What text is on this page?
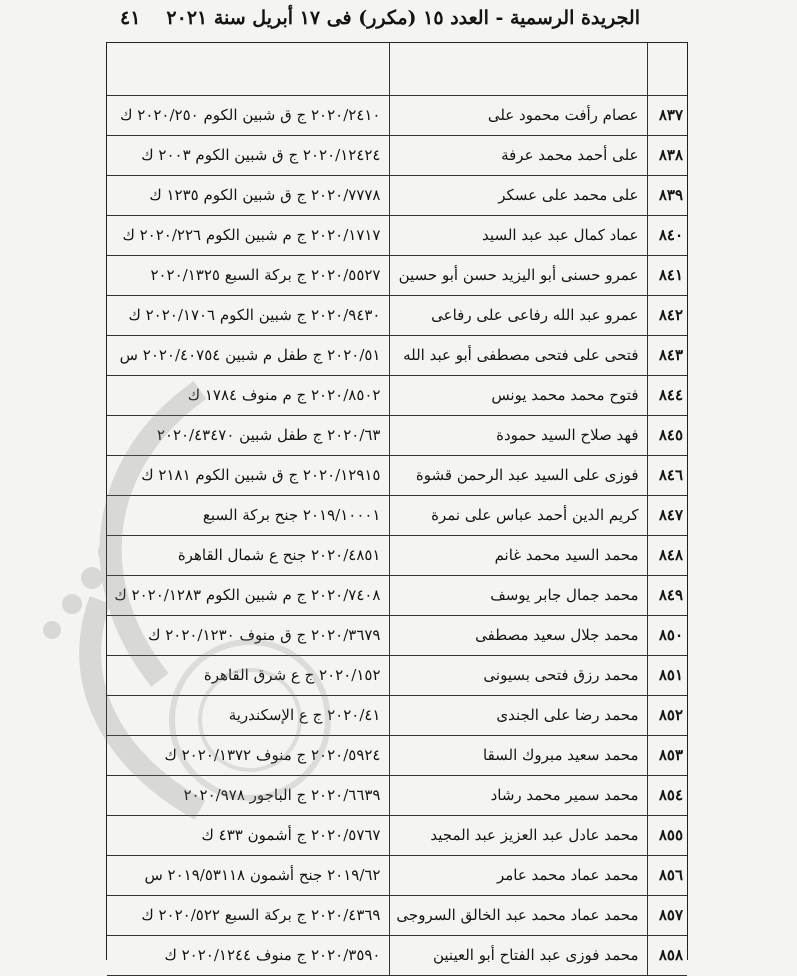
الجريدة الرسمية - العدد ١٥ (مكرر) فى ١٧ أبريل سنة ٢٠٢١
٤١

٨٣٧	عصام رأفت محمود على	٢٠٢٠/٢٤١٠ ج ق شبين الكوم ٢٠٢٠/٢٥٠ ك
٨٣٨	على أحمد محمد عرفة	٢٠٢٠/١٢٤٢٤ ج ق شبين الكوم ٢٠٠٣ ك
٨٣٩	على محمد على عسكر	٢٠٢٠/٧٧٧٨ ج ق شبين الكوم ١٢٣٥ ك
٨٤٠	عماد كمال عبد عبد السيد	٢٠٢٠/١٧١٧ ج م شبين الكوم ٢٠٢٠/٢٢٦ ك
٨٤١	عمرو حسنى أبو اليزيد حسن أبو حسين	٢٠٢٠/٥٥٢٧ ج بركة السبع ٢٠٢٠/١٣٢٥
٨٤٢	عمرو عبد الله رفاعى على رفاعى	٢٠٢٠/٩٤٣٠ ج شبين الكوم ٢٠٢٠/١٧٠٦ ك
٨٤٣	فتحى على فتحى مصطفى أبو عبد الله	٢٠٢٠/٥١ ج طفل م شبين ٢٠٢٠/٤٠٧٥٤ س
٨٤٤	فتوح محمد محمد يونس	٢٠٢٠/٨٥٠٢ ج م منوف ١٧٨٤ ك
٨٤٥	فهد صلاح السيد حمودة	٢٠٢٠/٦٣ ج طفل شبين ٢٠٢٠/٤٣٤٧٠
٨٤٦	فوزى على السيد عبد الرحمن قشوة	٢٠٢٠/١٢٩١٥ ج ق شبين الكوم ٢١٨١ ك
٨٤٧	كريم الدين أحمد عباس على نمرة	٢٠١٩/١٠٠٠١ جنح بركة السبع
٨٤٨	محمد السيد محمد غانم	٢٠٢٠/٤٨٥١ جنح ع شمال القاهرة
٨٤٩	محمد جمال جابر يوسف	٢٠٢٠/٧٤٠٨ ج م شبين الكوم ٢٠٢٠/١٢٨٣ ك
٨٥٠	محمد جلال سعيد مصطفى	٢٠٢٠/٣٦٧٩ ج ق منوف ٢٠٢٠/١٢٣٠ ك
٨٥١	محمد رزق فتحى بسيونى	٢٠٢٠/١٥٢ ج ع شرق القاهرة
٨٥٢	محمد رضا على الجندى	٢٠٢٠/٤١ ج ع الإسكندرية
٨٥٣	محمد سعيد مبروك السقا	٢٠٢٠/٥٩٢٤ ج منوف ٢٠٢٠/١٣٧٢ ك
٨٥٤	محمد سمير محمد رشاد	٢٠٢٠/٦٦٣٩ ج الباجور ٢٠٢٠/٩٧٨
٨٥٥	محمد عادل عبد العزيز عبد المجيد	٢٠٢٠/٥٧٦٧ ج أشمون ٤٣٣ ك
٨٥٦	محمد عماد محمد عامر	٢٠١٩/٦٢ جنح أشمون ٢٠١٩/٥٣١١٨ س
٨٥٧	محمد عماد محمد عبد الخالق السروجى	٢٠٢٠/٤٣٦٩ ج بركة السبع ٢٠٢٠/٥٢٢ ك
٨٥٨	محمد فوزى عبد الفتاح أبو العينين	٢٠٢٠/٣٥٩٠ ج منوف ٢٠٢٠/١٢٤٤ ك
